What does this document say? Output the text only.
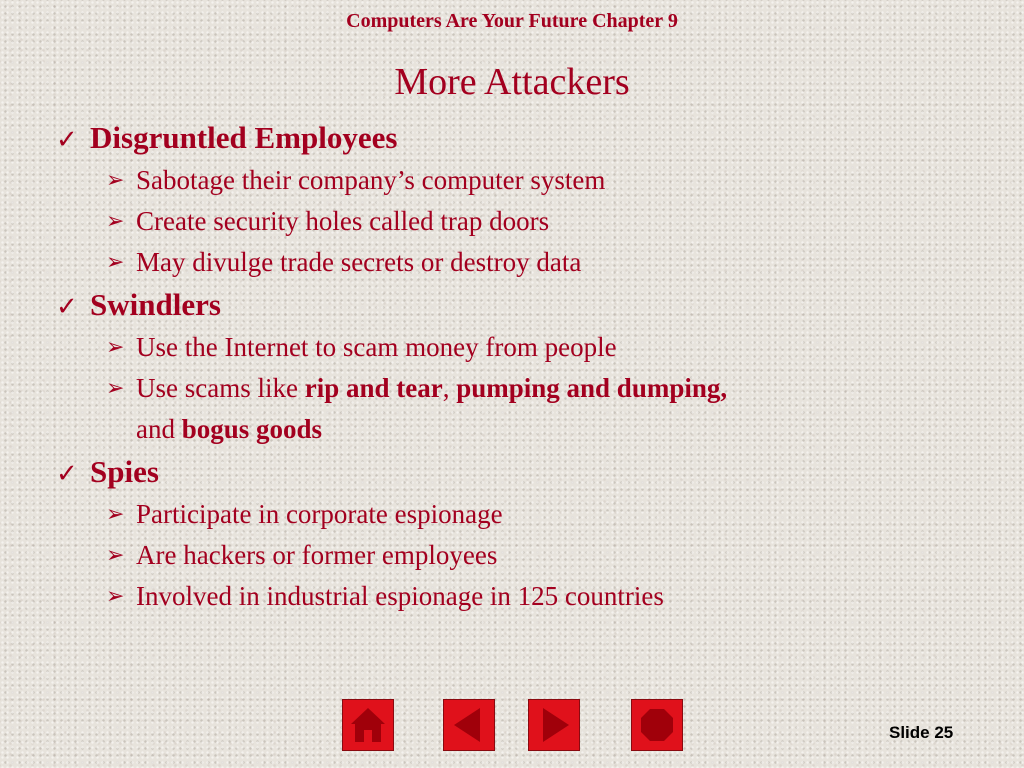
Computers Are Your Future Chapter 9
More Attackers
✓ Disgruntled Employees
➢ Sabotage their company’s computer system
➢ Create security holes called trap doors
➢ May divulge trade secrets or destroy data
✓ Swindlers
➢ Use the Internet to scam money from people
➢ Use scams like rip and tear, pumping and dumping,
and bogus goods
✓ Spies
➢ Participate in corporate espionage
➢ Are hackers or former employees
➢ Involved in industrial espionage in 125 countries
Slide 25
